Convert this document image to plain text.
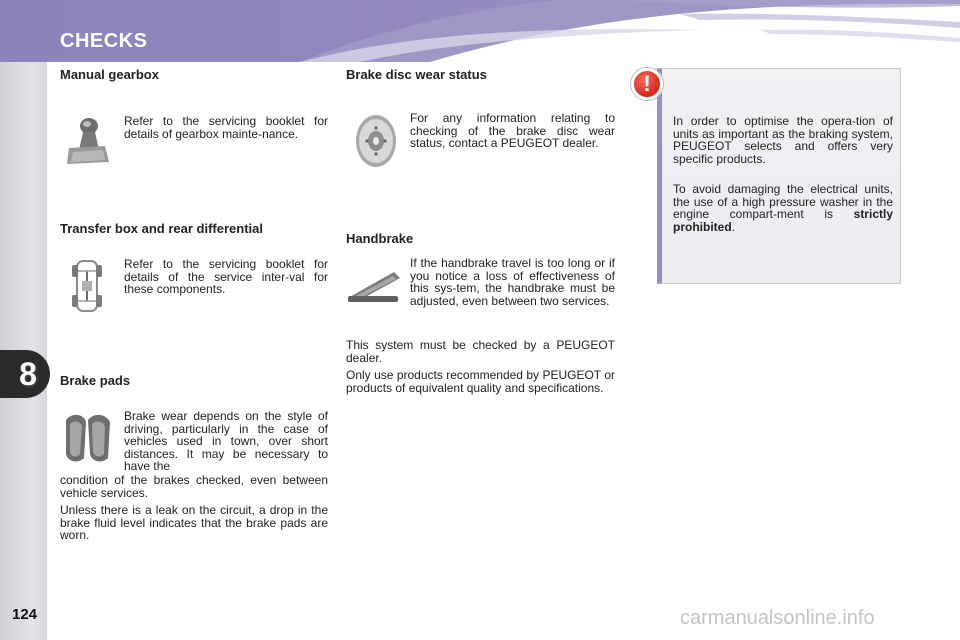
CHECKS
8
Manual gearbox

Refer to the servicing booklet for details of gearbox mainte-nance.

Transfer box and rear differential

Refer to the servicing booklet for details of the service inter-val for these components.

Brake pads

Brake wear depends on the style of driving, particularly in the case of vehicles used in town, over short distances. It may be necessary to have the

condition of the brakes checked, even between vehicle services.

Unless there is a leak on the circuit, a drop in the brake fluid level indicates that the brake pads are worn.

Brake disc wear status

For any information relating to checking of the brake disc wear status, contact a PEUGEOT dealer.

Handbrake

If the handbrake travel is too long or if you notice a loss of effectiveness of this sys-tem, the handbrake must be adjusted, even between two services.

This system must be checked by a PEUGEOT dealer.

Only use products recommended by PEUGEOT or products of equivalent quality and specifications.

!

In order to optimise the opera-tion of units as important as the braking system, PEUGEOT selects and offers very specific products.

To avoid damaging the electrical units, the use of a high pressure washer in the engine compart-ment is strictly prohibited.

124	carmanualsonline.info
